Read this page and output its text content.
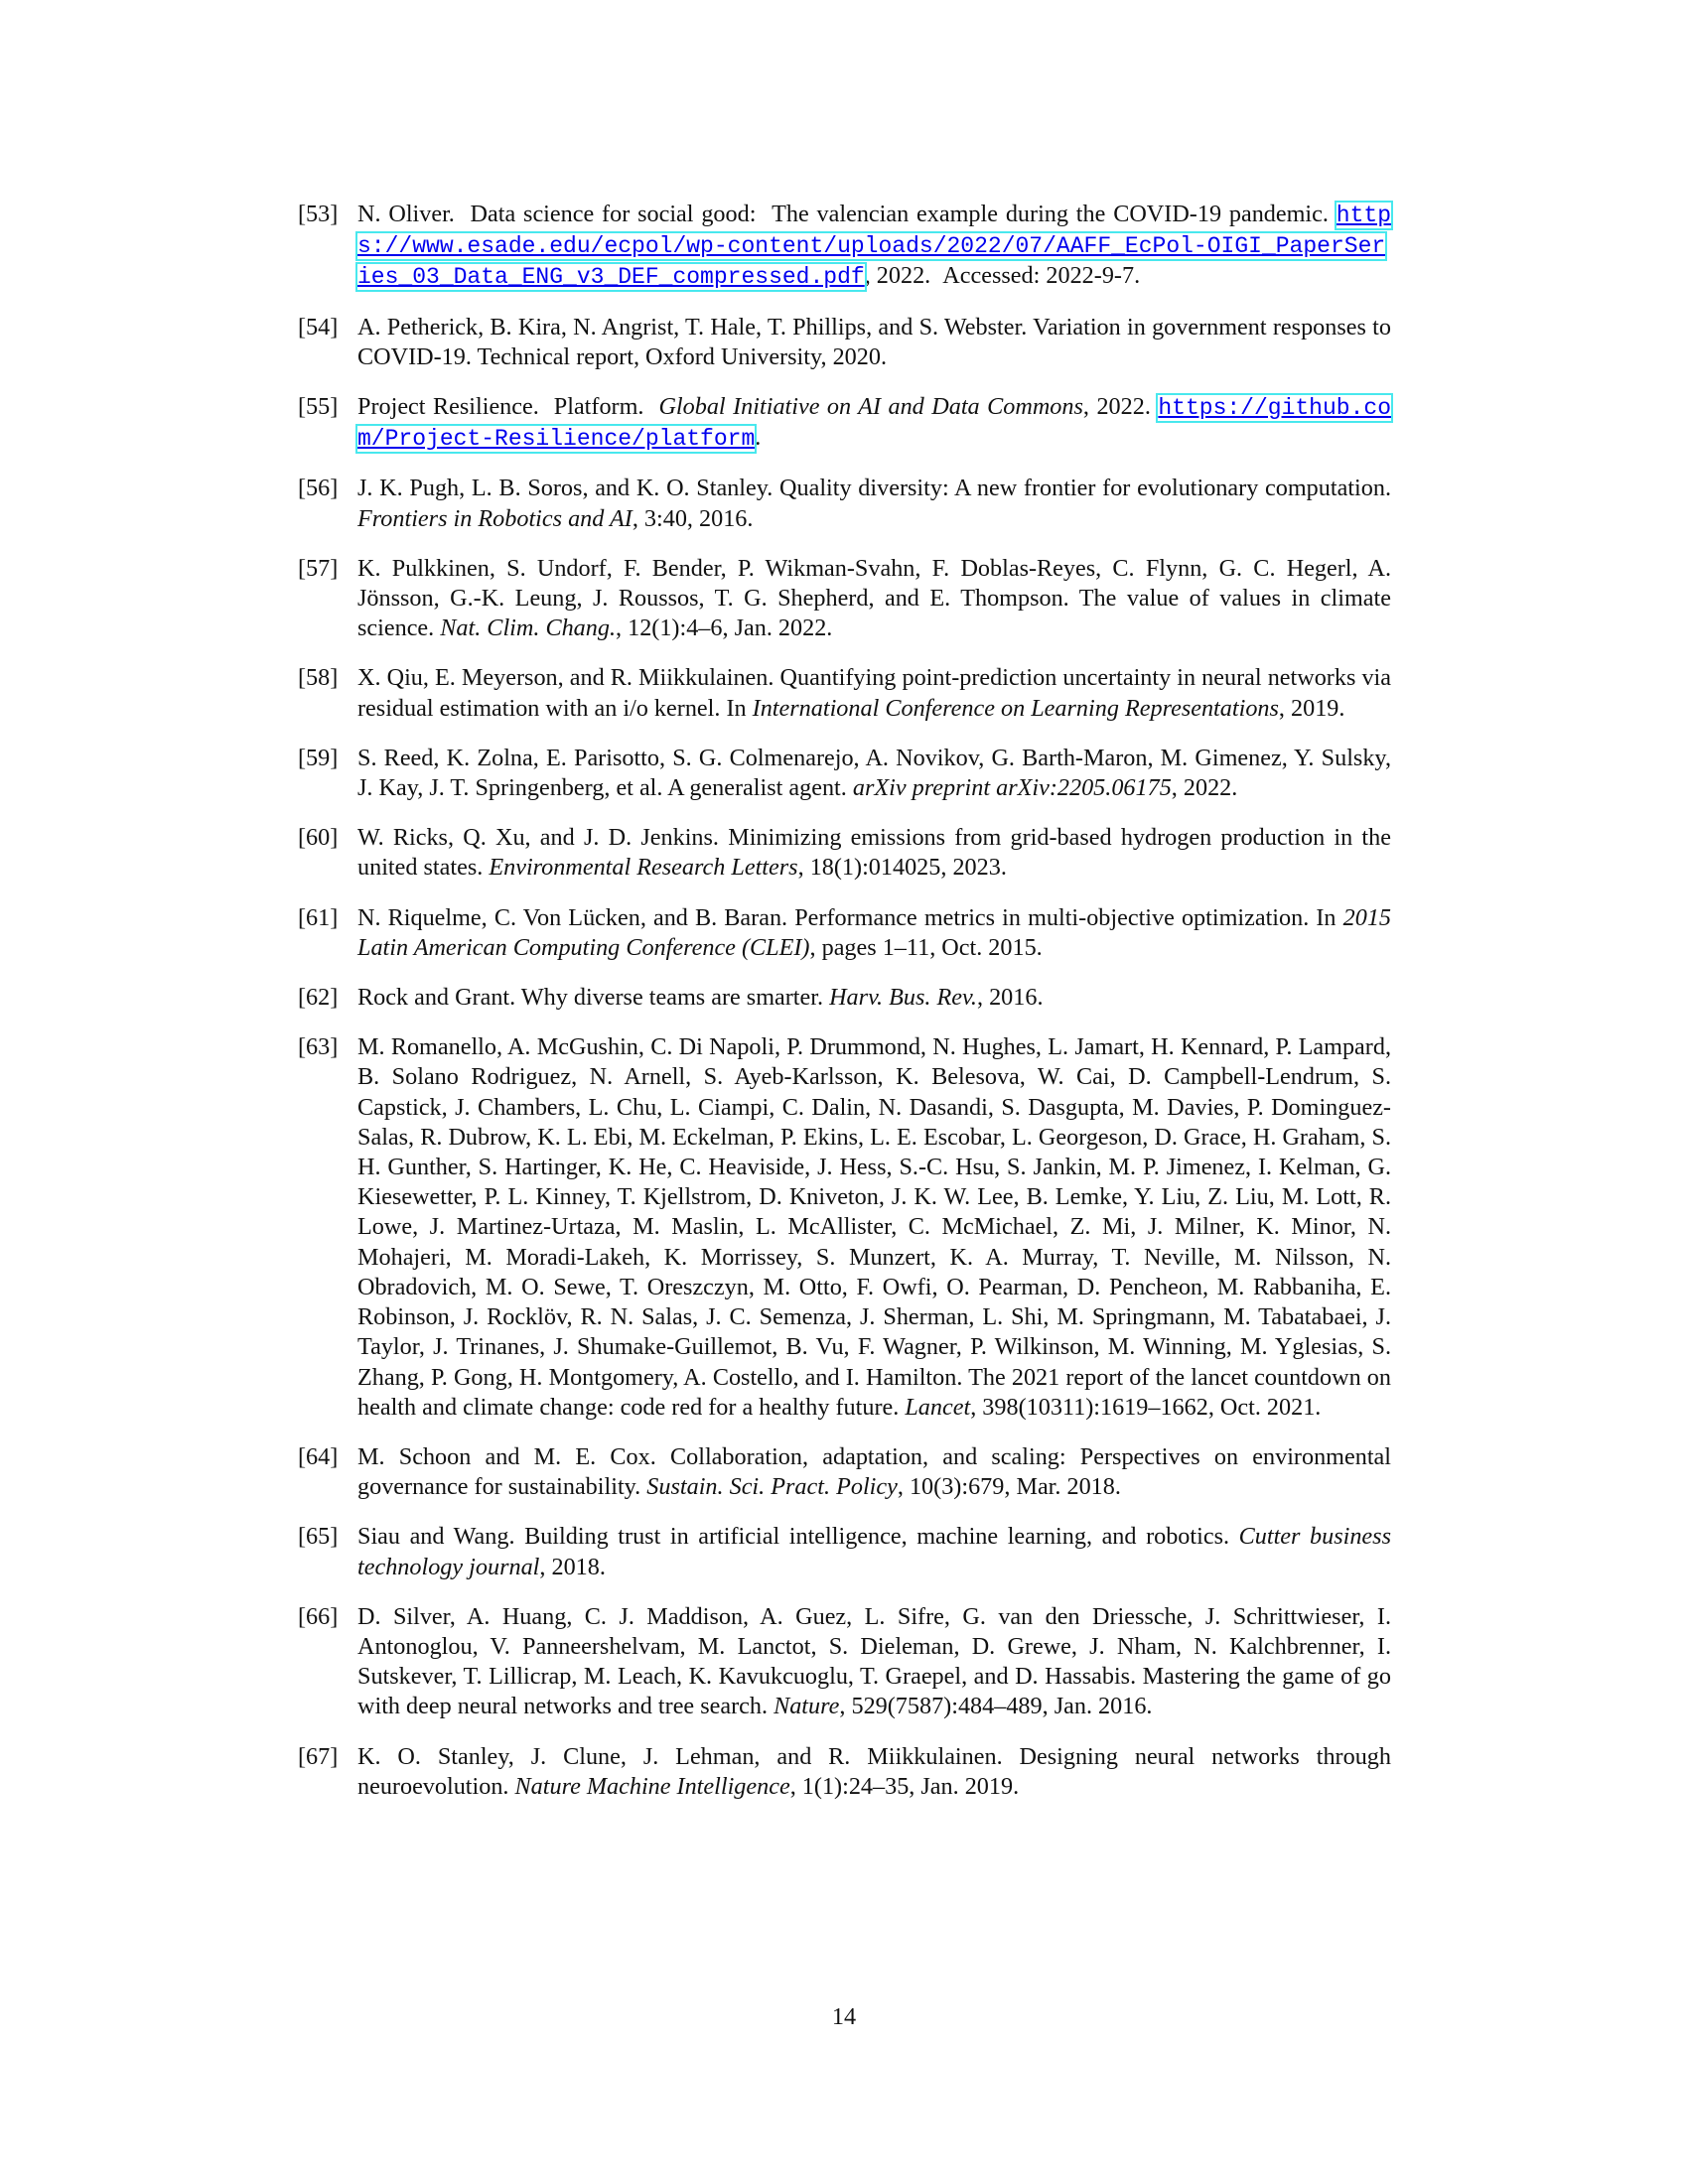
[53] N. Oliver.  Data science for social good:  The valencian example during the COVID-19 pandemic. https://www.esade.edu/ecpol/wp-content/uploads/2022/07/AAFF_EcPol-OIGI_PaperSeries_03_Data_ENG_v3_DEF_compressed.pdf, 2022.  Accessed: 2022-9-7.
[54] A. Petherick, B. Kira, N. Angrist, T. Hale, T. Phillips, and S. Webster. Variation in government responses to COVID-19. Technical report, Oxford University, 2020.
[55] Project Resilience.  Platform.  Global Initiative on AI and Data Commons, 2022. https://github.com/Project-Resilience/platform.
[56] J. K. Pugh, L. B. Soros, and K. O. Stanley. Quality diversity: A new frontier for evolutionary computation. Frontiers in Robotics and AI, 3:40, 2016.
[57] K. Pulkkinen, S. Undorf, F. Bender, P. Wikman-Svahn, F. Doblas-Reyes, C. Flynn, G. C. Hegerl, A. Jönsson, G.-K. Leung, J. Roussos, T. G. Shepherd, and E. Thompson. The value of values in climate science. Nat. Clim. Chang., 12(1):4–6, Jan. 2022.
[58] X. Qiu, E. Meyerson, and R. Miikkulainen. Quantifying point-prediction uncertainty in neural networks via residual estimation with an i/o kernel. In International Conference on Learning Representations, 2019.
[59] S. Reed, K. Zolna, E. Parisotto, S. G. Colmenarejo, A. Novikov, G. Barth-Maron, M. Gimenez, Y. Sulsky, J. Kay, J. T. Springenberg, et al. A generalist agent. arXiv preprint arXiv:2205.06175, 2022.
[60] W. Ricks, Q. Xu, and J. D. Jenkins. Minimizing emissions from grid-based hydrogen production in the united states. Environmental Research Letters, 18(1):014025, 2023.
[61] N. Riquelme, C. Von Lücken, and B. Baran. Performance metrics in multi-objective optimization. In 2015 Latin American Computing Conference (CLEI), pages 1–11, Oct. 2015.
[62] Rock and Grant. Why diverse teams are smarter. Harv. Bus. Rev., 2016.
[63] M. Romanello, A. McGushin, C. Di Napoli, P. Drummond, N. Hughes, L. Jamart, H. Kennard, P. Lampard, B. Solano Rodriguez, N. Arnell, S. Ayeb-Karlsson, K. Belesova, W. Cai, D. Campbell-Lendrum, S. Capstick, J. Chambers, L. Chu, L. Ciampi, C. Dalin, N. Dasandi, S. Dasgupta, M. Davies, P. Dominguez-Salas, R. Dubrow, K. L. Ebi, M. Eckelman, P. Ekins, L. E. Escobar, L. Georgeson, D. Grace, H. Graham, S. H. Gunther, S. Hartinger, K. He, C. Heaviside, J. Hess, S.-C. Hsu, S. Jankin, M. P. Jimenez, I. Kelman, G. Kiesewetter, P. L. Kinney, T. Kjellstrom, D. Kniveton, J. K. W. Lee, B. Lemke, Y. Liu, Z. Liu, M. Lott, R. Lowe, J. Martinez-Urtaza, M. Maslin, L. McAllister, C. McMichael, Z. Mi, J. Milner, K. Minor, N. Mohajeri, M. Moradi-Lakeh, K. Morrissey, S. Munzert, K. A. Murray, T. Neville, M. Nilsson, N. Obradovich, M. O. Sewe, T. Oreszczyn, M. Otto, F. Owfi, O. Pearman, D. Pencheon, M. Rabbaniha, E. Robinson, J. Rocklöv, R. N. Salas, J. C. Semenza, J. Sherman, L. Shi, M. Springmann, M. Tabatabaei, J. Taylor, J. Trinanes, J. Shumake-Guillemot, B. Vu, F. Wagner, P. Wilkinson, M. Winning, M. Yglesias, S. Zhang, P. Gong, H. Montgomery, A. Costello, and I. Hamilton. The 2021 report of the lancet countdown on health and climate change: code red for a healthy future. Lancet, 398(10311):1619–1662, Oct. 2021.
[64] M. Schoon and M. E. Cox. Collaboration, adaptation, and scaling: Perspectives on environmental governance for sustainability. Sustain. Sci. Pract. Policy, 10(3):679, Mar. 2018.
[65] Siau and Wang. Building trust in artificial intelligence, machine learning, and robotics. Cutter business technology journal, 2018.
[66] D. Silver, A. Huang, C. J. Maddison, A. Guez, L. Sifre, G. van den Driessche, J. Schrittwieser, I. Antonoglou, V. Panneershelvam, M. Lanctot, S. Dieleman, D. Grewe, J. Nham, N. Kalchbrenner, I. Sutskever, T. Lillicrap, M. Leach, K. Kavukcuoglu, T. Graepel, and D. Hassabis. Mastering the game of go with deep neural networks and tree search. Nature, 529(7587):484–489, Jan. 2016.
[67] K. O. Stanley, J. Clune, J. Lehman, and R. Miikkulainen. Designing neural networks through neuroevolution. Nature Machine Intelligence, 1(1):24–35, Jan. 2019.
14
